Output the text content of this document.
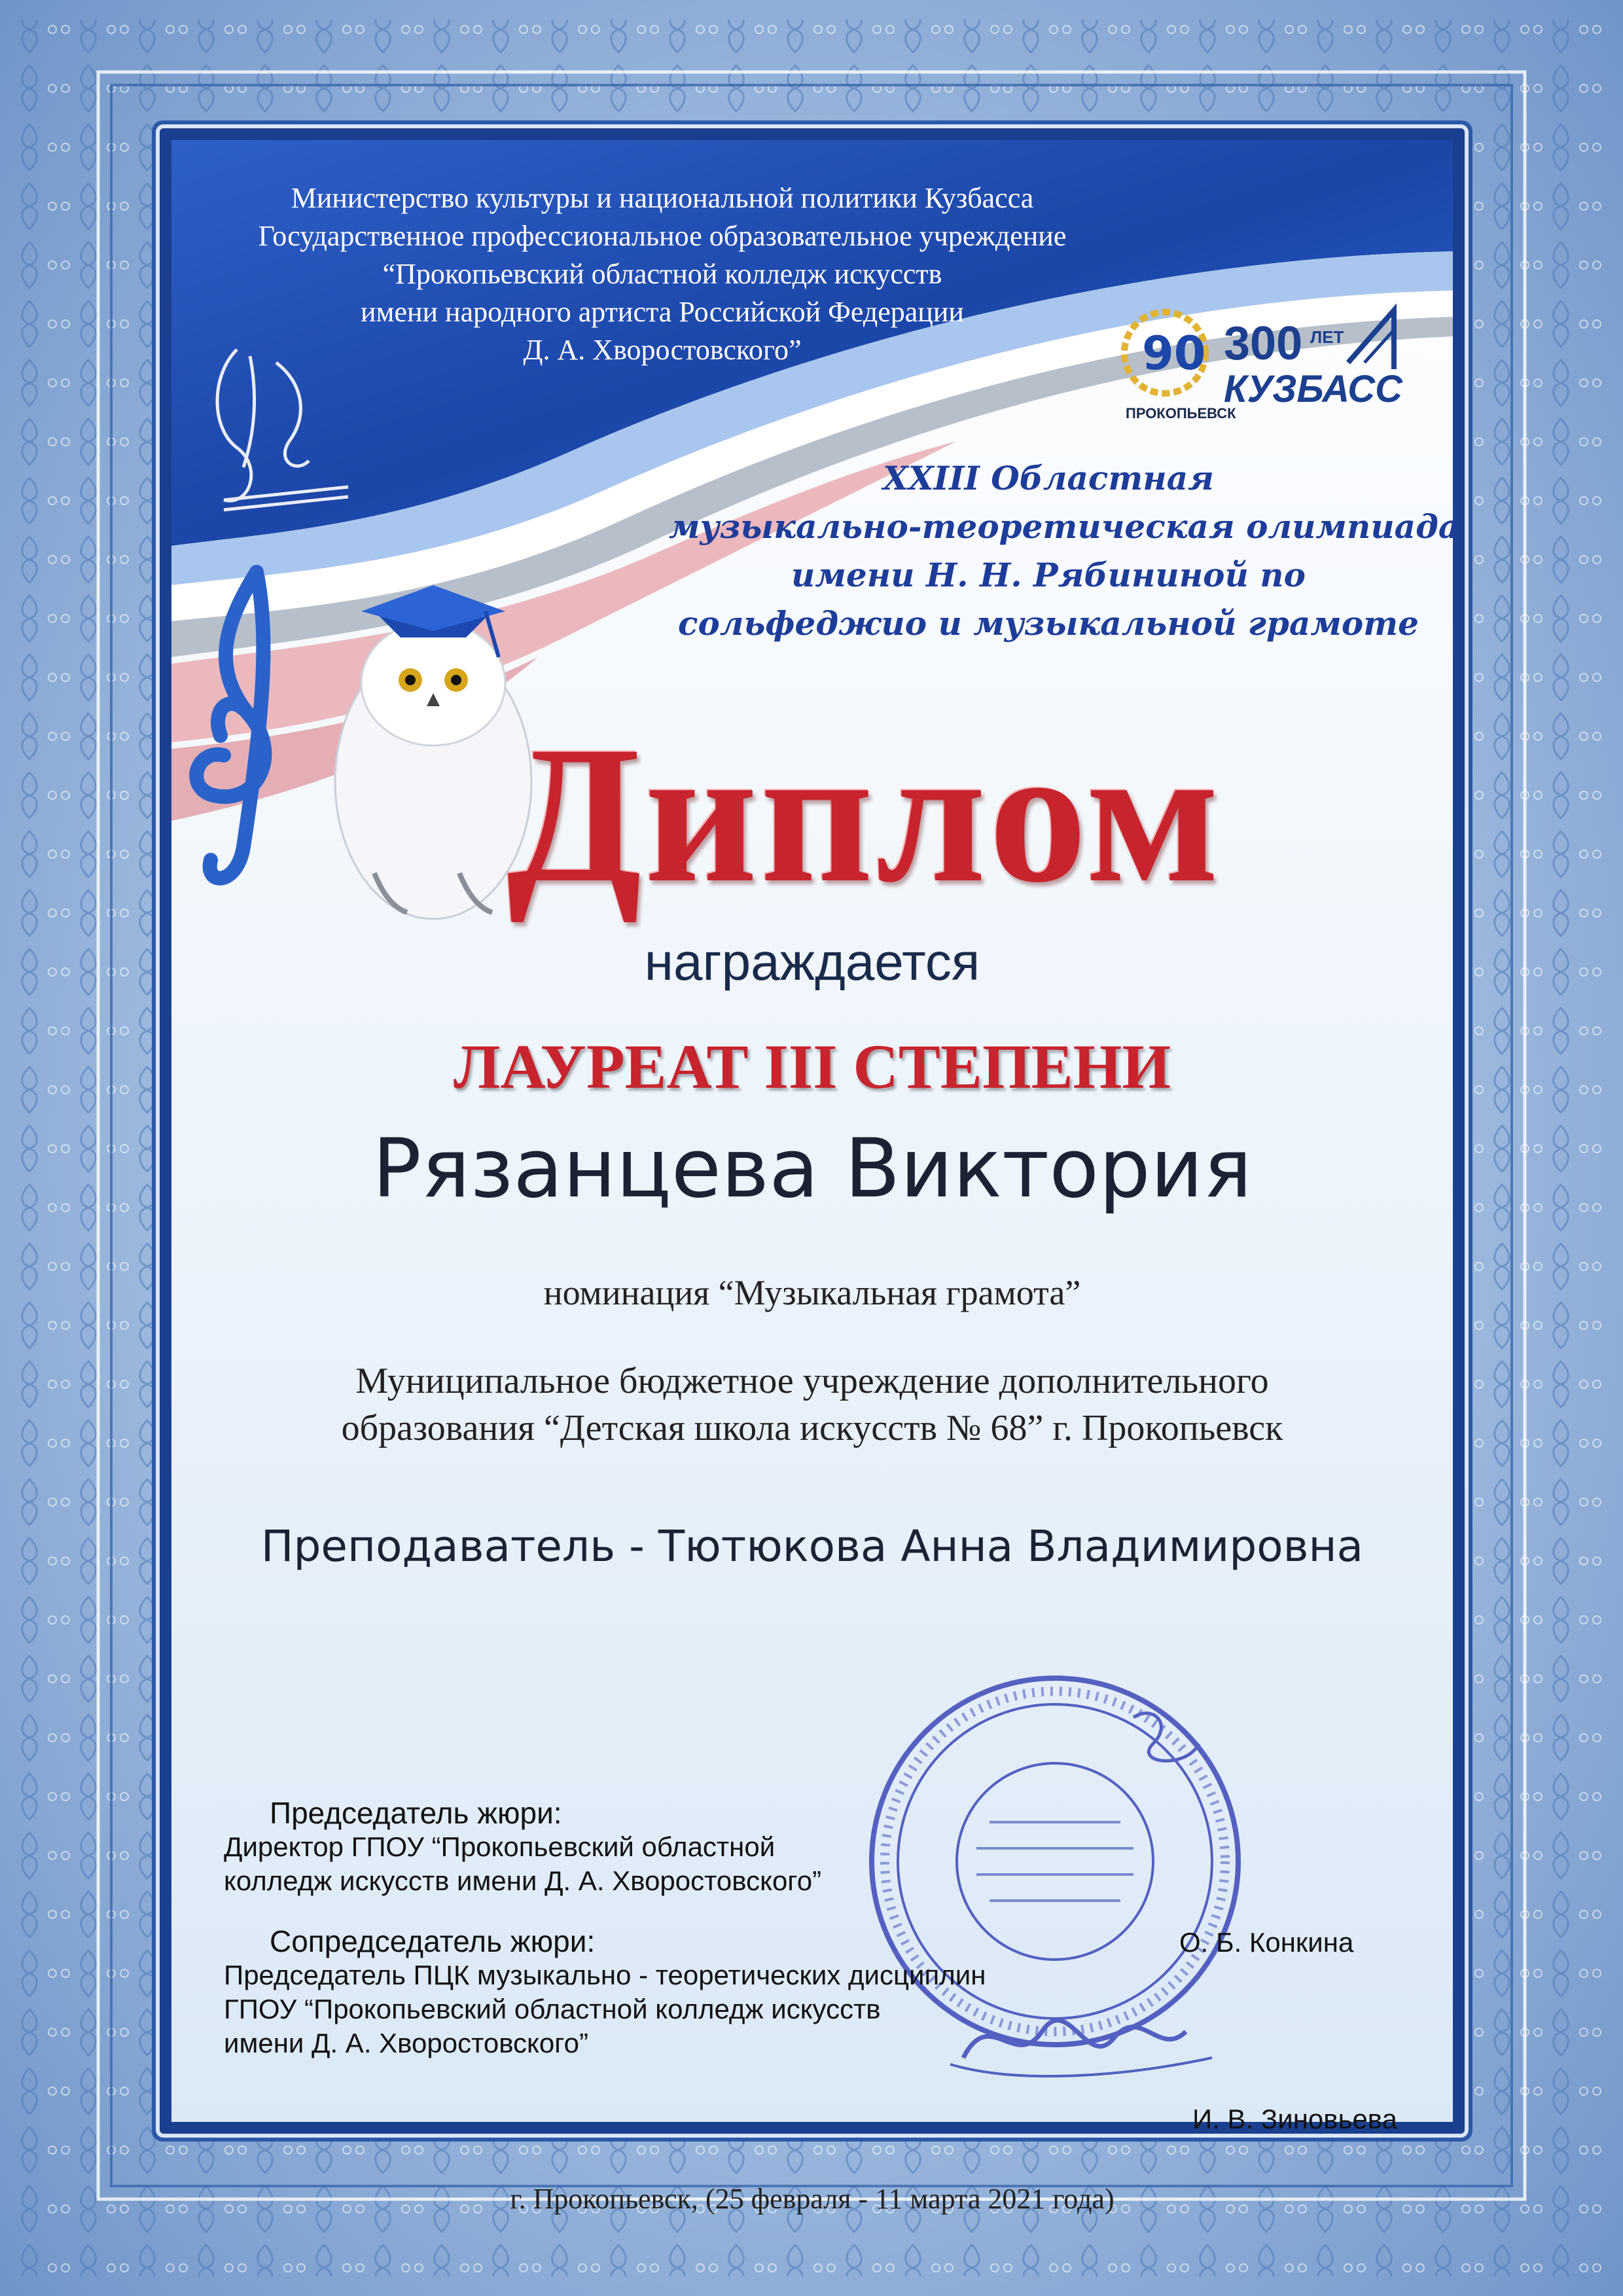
Министерство культуры и национальной политики Кузбасса
Государственное профессиональное образовательное учреждение
“Прокопьевский областной колледж искусств
имени народного артиста Российской Федерации
Д. А. Хворостовского”	90
ПРОКОПЬЕВСК
300 ЛЕТ
КУЗБАСС
XXIII Областная
музыкально-теоретическая олимпиада
имени Н. Н. Рябининой по
сольфеджио и музыкальной грамоте
Диплом
награждается
ЛАУРЕАТ III СТЕПЕНИ
Рязанцева Виктория
номинация “Музыкальная грамота”
Муниципальное бюджетное учреждение дополнительного
образования “Детская школа искусств № 68” г. Прокопьевск
Преподаватель - Тютюкова Анна Владимировна
Председатель жюри:
Директор ГПОУ “Прокопьевский областной
колледж искусств имени Д. А. Хворостовского”
Сопредседатель жюри:
Председатель ПЦК музыкально - теоретических дисциплин
ГПОУ “Прокопьевский областной колледж искусств
имени Д. А. Хворостовского”
О. Б. Конкина
И. В. Зиновьева
г. Прокопьевск, (25 февраля - 11 марта 2021 года)
